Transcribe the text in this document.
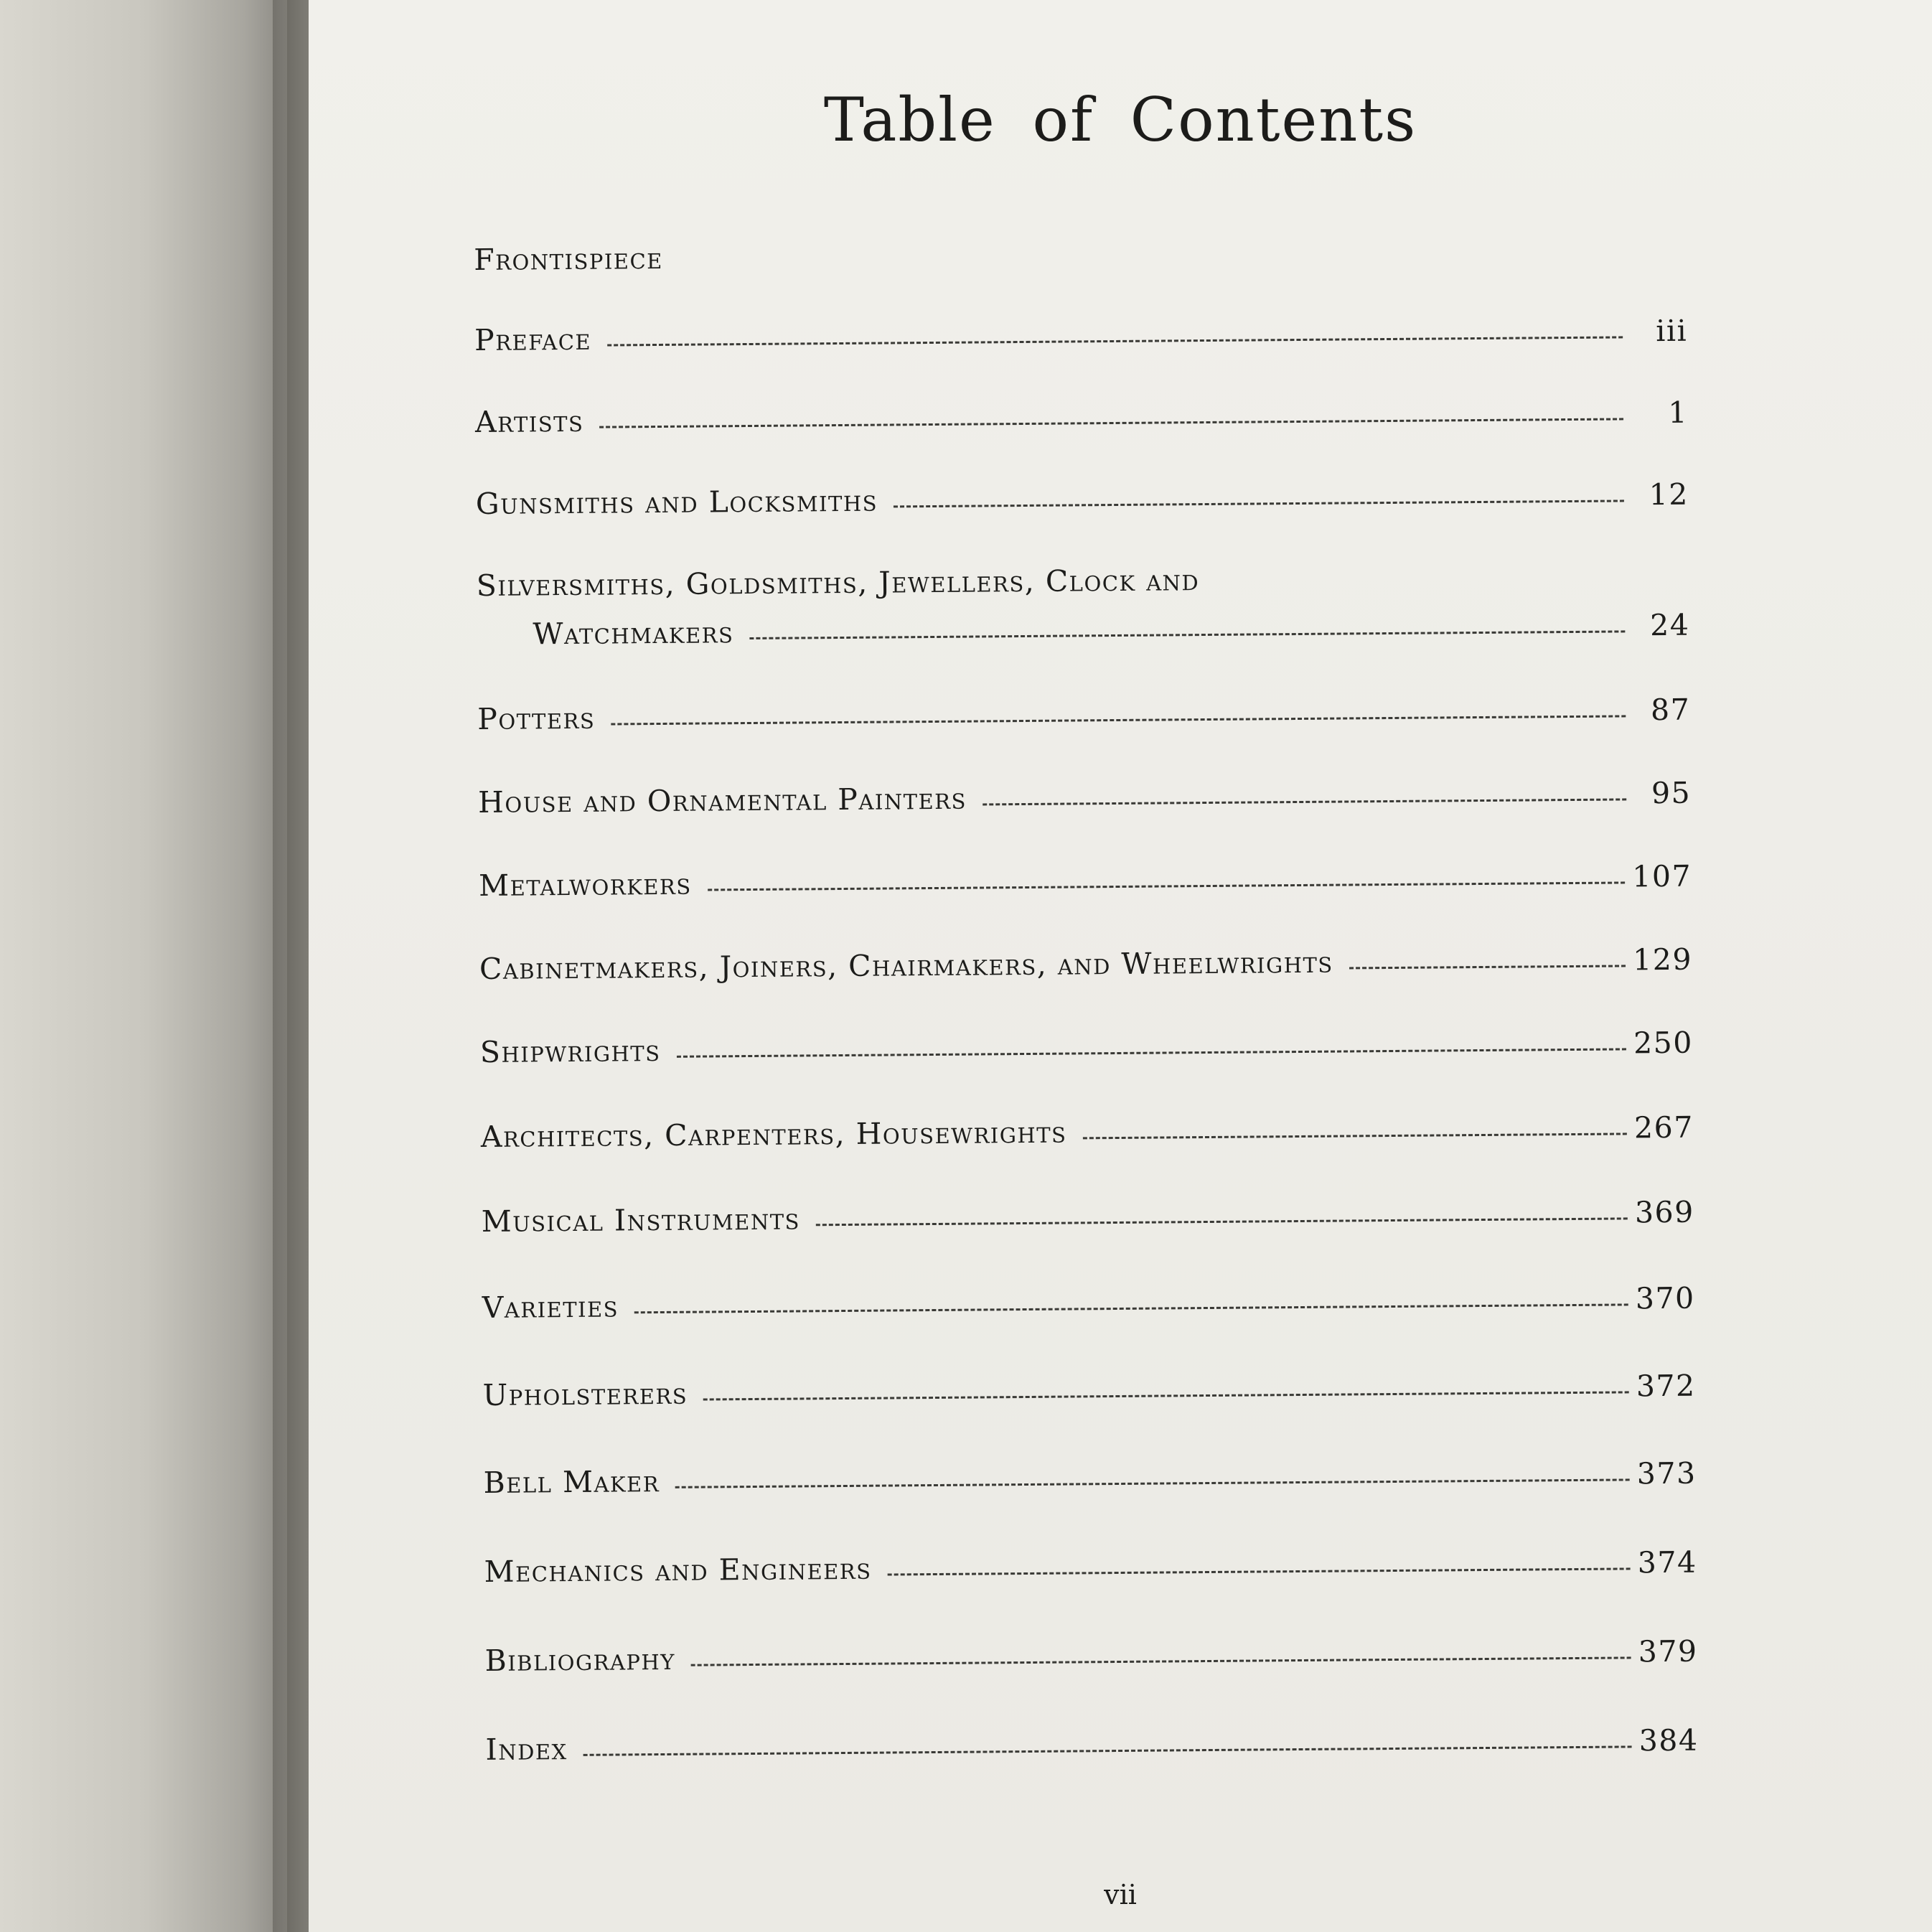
Table of Contents
Frontispiece
Preface	iii
Artists	1
Gunsmiths and Locksmiths	12
Silversmiths, Goldsmiths, Jewellers, Clock and
Watchmakers	24
Potters	87
House and Ornamental Painters	95
Metalworkers	107
Cabinetmakers, Joiners, Chairmakers, and Wheelwrights	129
Shipwrights	250
Architects, Carpenters, Housewrights	267
Musical Instruments	369
Varieties	370
Upholsterers	372
Bell Maker	373
Mechanics and Engineers	374
Bibliography	379
Index	384
vii
